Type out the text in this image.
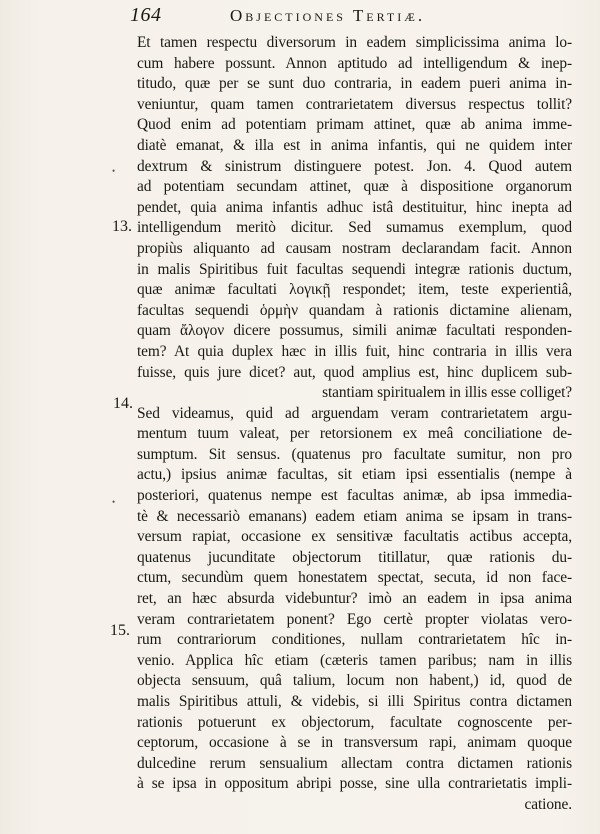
164	Objectiones Tertiæ.
13.
14.
15.
•
•
Et tamen respectu diversorum in eadem simplicissima anima lo-
cum habere possunt. Annon aptitudo ad intelligendum & inep-
titudo, quæ per se sunt duo contraria, in eadem pueri anima in-
veniuntur, quam tamen contrarietatem diversus respectus tollit?
Quod enim ad potentiam primam attinet, quæ ab anima imme-
diatè emanat, & illa est in anima infantis, qui ne quidem inter
dextrum & sinistrum distinguere potest. Jon. 4. Quod autem
ad potentiam secundam attinet, quæ à dispositione organorum
pendet, quia anima infantis adhuc istâ destituitur, hinc inepta ad
intelligendum meritò dicitur. Sed sumamus exemplum, quod
propiùs aliquanto ad causam nostram declarandam facit. Annon
in malis Spiritibus fuit facultas sequendi integræ rationis ductum,
quæ animæ facultati λογικῇ respondet; item, teste experientiâ,
facultas sequendi ὁρμὴν quandam à rationis dictamine alienam,
quam ἄλογον dicere possumus, simili animæ facultati responden-
tem? At quia duplex hæc in illis fuit, hinc contraria in illis vera
fuisse, quis jure dicet? aut, quod amplius est, hinc duplicem sub-
stantiam spiritualem in illis esse colliget?
Sed videamus, quid ad arguendam veram contrarietatem argu-
mentum tuum valeat, per retorsionem ex meâ conciliatione de-
sumptum. Sit sensus. (quatenus pro facultate sumitur, non pro
actu,) ipsius animæ facultas, sit etiam ipsi essentialis (nempe à
posteriori, quatenus nempe est facultas animæ, ab ipsa immedia-
tè & necessariò emanans) eadem etiam anima se ipsam in trans-
versum rapiat, occasione ex sensitivæ facultatis actibus accepta,
quatenus jucunditate objectorum titillatur, quæ rationis du-
ctum, secundùm quem honestatem spectat, secuta, id non face-
ret, an hæc absurda videbuntur? imò an eadem in ipsa anima
veram contrarietatem ponent? Ego certè propter violatas vero-
rum contrariorum conditiones, nullam contrarietatem hîc in-
venio. Applica hîc etiam (cæteris tamen paribus; nam in illis
objecta sensuum, quâ talium, locum non habent,) id, quod de
malis Spiritibus attuli, & videbis, si illi Spiritus contra dictamen
rationis potuerunt ex objectorum, facultate cognoscente per-
ceptorum, occasione à se in transversum rapi, animam quoque
dulcedine rerum sensualium allectam contra dictamen rationis
à se ipsa in oppositum abripi posse, sine ulla contrarietatis impli-
catione.
